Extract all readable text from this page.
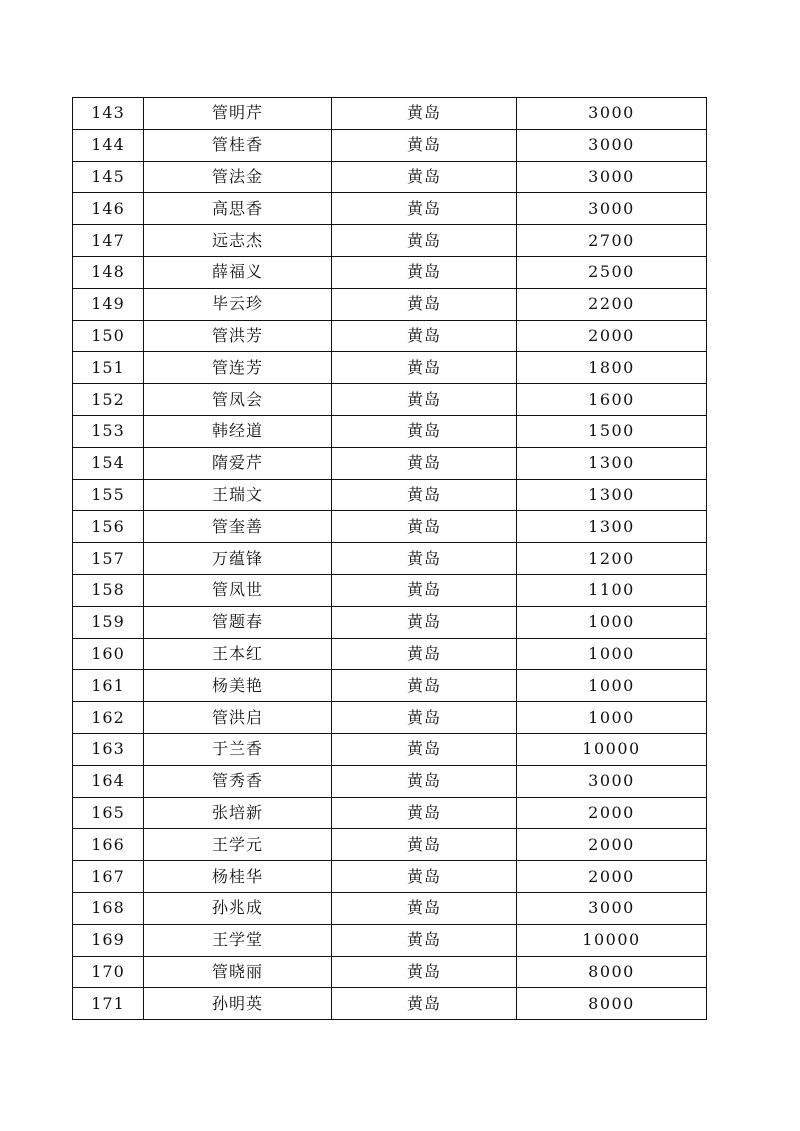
143	管明芹	黄岛	3000
144	管桂香	黄岛	3000
145	管法金	黄岛	3000
146	高思香	黄岛	3000
147	远志杰	黄岛	2700
148	薛福义	黄岛	2500
149	毕云珍	黄岛	2200
150	管洪芳	黄岛	2000
151	管连芳	黄岛	1800
152	管凤会	黄岛	1600
153	韩经道	黄岛	1500
154	隋爱芹	黄岛	1300
155	王瑞文	黄岛	1300
156	管奎善	黄岛	1300
157	万蕴锋	黄岛	1200
158	管凤世	黄岛	1100
159	管题春	黄岛	1000
160	王本红	黄岛	1000
161	杨美艳	黄岛	1000
162	管洪启	黄岛	1000
163	于兰香	黄岛	10000
164	管秀香	黄岛	3000
165	张培新	黄岛	2000
166	王学元	黄岛	2000
167	杨桂华	黄岛	2000
168	孙兆成	黄岛	3000
169	王学堂	黄岛	10000
170	管晓丽	黄岛	8000
171	孙明英	黄岛	8000
